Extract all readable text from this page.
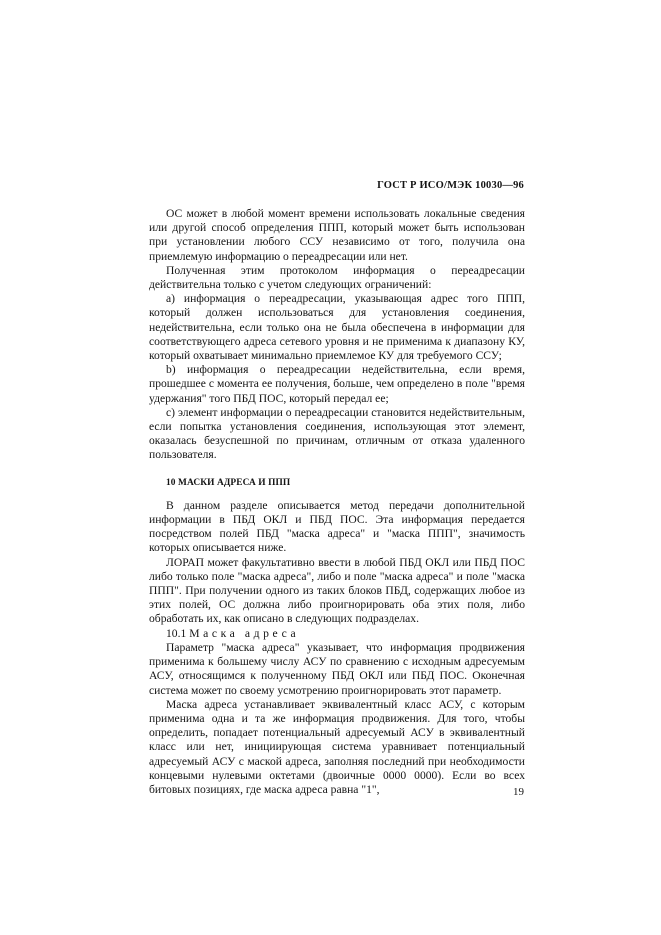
ГОСТ Р ИСО/МЭК 10030—96

ОС может в любой момент времени использовать локальные сведения или другой способ определения ППП, который может быть использован при установлении любого ССУ независимо от того, получила она приемлемую информацию о переадресации или нет.

Полученная этим протоколом информация о переадресации действительна только с учетом следующих ограничений:

а) информация о переадресации, указывающая адрес того ППП, который должен использоваться для установления соединения, недействительна, если только она не была обеспечена в информации для соответствующего адреса сетевого уровня и не применима к диапазону КУ, который охватывает минимально приемлемое КУ для требуемого ССУ;

b) информация о переадресации недействительна, если время, прошедшее с момента ее получения, больше, чем определено в поле "время удержания" того ПБД ПОС, который передал ее;

с) элемент информации о переадресации становится недействительным, если попытка установления соединения, использующая этот элемент, оказалась безуспешной по причинам, отличным от отказа удаленного пользователя.

10 МАСКИ АДРЕСА И ППП

В данном разделе описывается метод передачи дополнительной информации в ПБД ОКЛ и ПБД ПОС. Эта информация передается посредством полей ПБД "маска адреса" и "маска ППП", значимость которых описывается ниже.

ЛОРАП может факультативно ввести в любой ПБД ОКЛ или ПБД ПОС либо только поле "маска адреса", либо и поле "маска адреса" и поле "маска ППП". При получении одного из таких блоков ПБД, содержащих любое из этих полей, ОС должна либо проигнорировать оба этих поля, либо обработать их, как описано в следующих подразделах.

10.1 Маска адреса

Параметр "маска адреса" указывает, что информация продвижения применима к большему числу АСУ по сравнению с исходным адресуемым АСУ, относящимся к полученному ПБД ОКЛ или ПБД ПОС. Оконечная система может по своему усмотрению проигнорировать этот параметр.

Маска адреса устанавливает эквивалентный класс АСУ, с которым применима одна и та же информация продвижения. Для того, чтобы определить, попадает потенциальный адресуемый АСУ в эквивалентный класс или нет, инициирующая система уравнивает потенциальный адресуемый АСУ с маской адреса, заполняя последний при необходимости концевыми нулевыми октетами (двоичные 0000 0000). Если во всех битовых позициях, где маска адреса равна "1",	19
